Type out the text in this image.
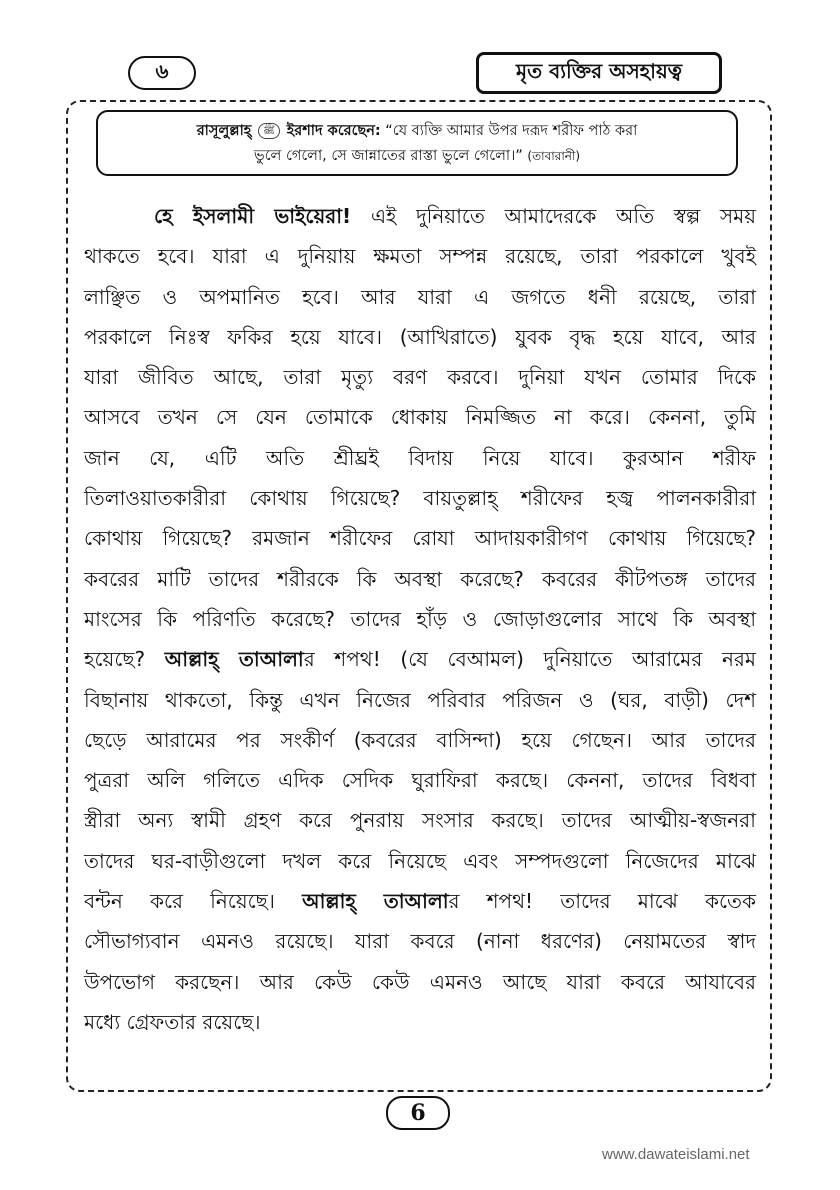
৬	মৃত ব্যক্তির অসহায়ত্ব
রাসূলুল্লাহ্ ﷺ ইরশাদ করেছেন: “যে ব্যক্তি আমার উপর দরূদ শরীফ পাঠ করা
ভুলে গেলো, সে জান্নাতের রাস্তা ভুলে গেলো।” (তাবারানী)
হে ইসলামী ভাইয়েরা! এই দুনিয়াতে আমাদেরকে অতি স্বল্প সময়
থাকতে হবে। যারা এ দুনিয়ায় ক্ষমতা সম্পন্ন রয়েছে, তারা পরকালে খুবই
লাঞ্ছিত ও অপমানিত হবে। আর যারা এ জগতে ধনী রয়েছে, তারা
পরকালে নিঃস্ব ফকির হয়ে যাবে। (আখিরাতে) যুবক বৃদ্ধ হয়ে যাবে, আর
যারা জীবিত আছে, তারা মৃত্যু বরণ করবে। দুনিয়া যখন তোমার দিকে
আসবে তখন সে যেন তোমাকে ধোকায় নিমজ্জিত না করে। কেননা, তুমি
জান যে, এটি অতি শ্রীঘ্রই বিদায় নিয়ে যাবে। কুরআন শরীফ
তিলাওয়াতকারীরা কোথায় গিয়েছে? বায়তুল্লাহ্ শরীফের হজ্ব পালনকারীরা
কোথায় গিয়েছে? রমজান শরীফের রোযা আদায়কারীগণ কোথায় গিয়েছে?
কবরের মাটি তাদের শরীরকে কি অবস্থা করেছে? কবরের কীটপতঙ্গ তাদের
মাংসের কি পরিণতি করেছে? তাদের হাঁড় ও জোড়াগুলোর সাথে কি অবস্থা
হয়েছে? আল্লাহ্ তাআলার শপথ! (যে বেআমল) দুনিয়াতে আরামের নরম
বিছানায় থাকতো, কিন্তু এখন নিজের পরিবার পরিজন ও (ঘর, বাড়ী) দেশ
ছেড়ে আরামের পর সংকীর্ণ (কবরের বাসিন্দা) হয়ে গেছেন। আর তাদের
পুত্ররা অলি গলিতে এদিক সেদিক ঘুরাফিরা করছে। কেননা, তাদের বিধবা
স্ত্রীরা অন্য স্বামী গ্রহণ করে পুনরায় সংসার করছে। তাদের আত্মীয়-স্বজনরা
তাদের ঘর-বাড়ীগুলো দখল করে নিয়েছে এবং সম্পদগুলো নিজেদের মাঝে
বন্টন করে নিয়েছে। আল্লাহ্ তাআলার শপথ! তাদের মাঝে কতেক
সৌভাগ্যবান এমনও রয়েছে। যারা কবরে (নানা ধরণের) নেয়ামতের স্বাদ
উপভোগ করছেন। আর কেউ কেউ এমনও আছে যারা কবরে আযাবের
মধ্যে গ্রেফতার রয়েছে।
6
www.dawateislami.net
